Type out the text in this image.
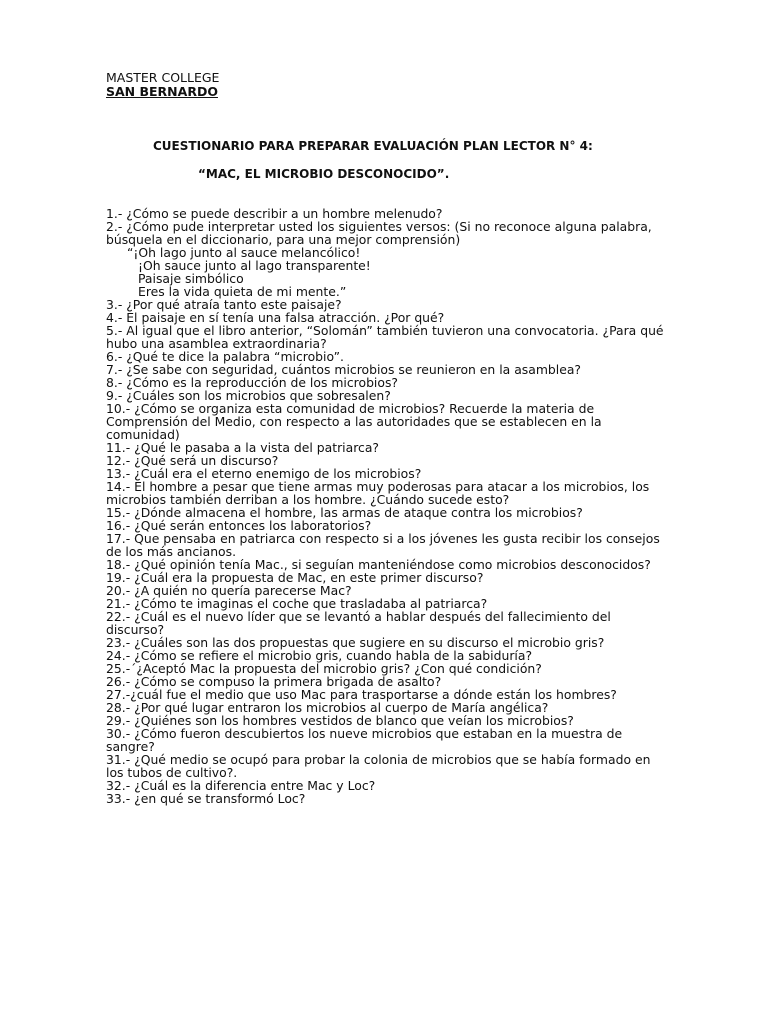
MASTER COLLEGE
SAN BERNARDO
CUESTIONARIO PARA PREPARAR EVALUACIÓN PLAN LECTOR N° 4:
“MAC, EL MICROBIO DESCONOCIDO”.
1.- ¿Cómo se puede describir a un hombre melenudo?
2.- ¿Cómo pude interpretar usted los siguientes versos: (Si no reconoce alguna palabra, búsquela en el diccionario, para una mejor comprensión)
“¡Oh lago junto al sauce melancólico!
¡Oh sauce junto al lago transparente!
Paisaje simbólico
Eres la vida quieta de mi mente.”
3.- ¿Por qué atraía tanto este paisaje?
4.- El paisaje en sí tenía una falsa atracción. ¿Por qué?
5.- Al igual que el libro anterior, “Solomán” también tuvieron una convocatoria. ¿Para qué hubo una asamblea extraordinaria?
6.- ¿Qué te dice la palabra “microbio”.
7.- ¿Se sabe con seguridad, cuántos microbios se reunieron en la asamblea?
8.- ¿Cómo es la reproducción de los microbios?
9.- ¿Cuáles son los microbios que sobresalen?
10.- ¿Cómo se organiza esta comunidad de microbios? Recuerde la materia de Comprensión del Medio, con respecto a las autoridades que se establecen en la comunidad)
11.- ¿Qué le pasaba a la vista del patriarca?
12.- ¿Qué será un discurso?
13.- ¿Cuál era el eterno enemigo de los microbios?
14.- El hombre a pesar que tiene armas muy poderosas para atacar a los microbios, los microbios también derriban a los hombre. ¿Cuándo sucede esto?
15.- ¿Dónde almacena el hombre, las armas de ataque contra los microbios?
16.- ¿Qué serán entonces los laboratorios?
17.- Que pensaba en patriarca con respecto si a los jóvenes les gusta recibir los consejos de los más ancianos.
18.- ¿Qué opinión tenía Mac., si seguían manteniéndose como microbios desconocidos?
19.- ¿Cuál era la propuesta de Mac, en este primer discurso?
20.- ¿A quién no quería parecerse Mac?
21.- ¿Cómo te imaginas el coche que trasladaba al patriarca?
22.- ¿Cuál es el nuevo líder que se levantó a hablar después del fallecimiento del discurso?
23.- ¿Cuáles son las dos propuestas que sugiere en su discurso el microbio gris?
24.- ¿Cómo se refiere el microbio gris, cuando habla de la sabiduría?
25.-´¿Aceptó Mac la propuesta del microbio gris? ¿Con qué condición?
26.- ¿Cómo se compuso la primera brigada de asalto?
27.-¿cuál fue el medio que uso Mac para trasportarse a dónde están los hombres?
28.- ¿Por qué lugar entraron los microbios al cuerpo de María angélica?
29.- ¿Quiénes son los hombres vestidos de blanco que veían los microbios?
30.- ¿Cómo fueron descubiertos los nueve microbios que estaban en la muestra de sangre?
31.- ¿Qué medio se ocupó para probar la colonia de microbios que se había formado en los tubos de cultivo?.
32.- ¿Cuál es la diferencia entre Mac y Loc?
33.- ¿en qué se transformó Loc?
